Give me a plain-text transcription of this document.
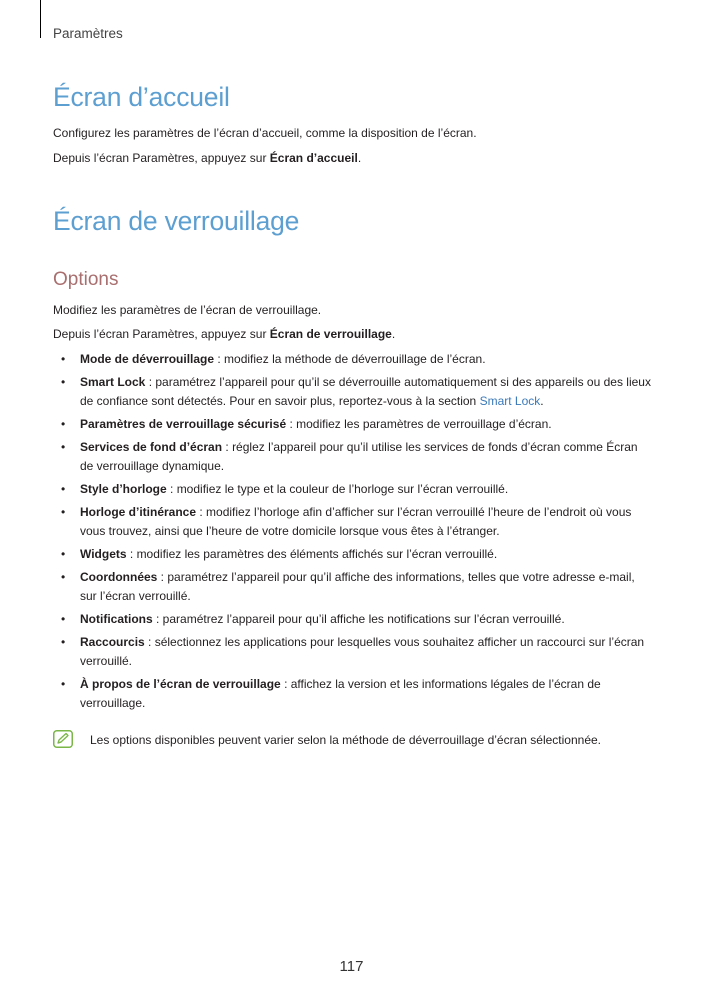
Paramètres
Écran d’accueil

Configurez les paramètres de l’écran d’accueil, comme la disposition de l’écran.

Depuis l’écran Paramètres, appuyez sur Écran d’accueil.

Écran de verrouillage
Options

Modifiez les paramètres de l’écran de verrouillage.

Depuis l’écran Paramètres, appuyez sur Écran de verrouillage.

• Mode de déverrouillage : modifiez la méthode de déverrouillage de l’écran.
• Smart Lock : paramétrez l’appareil pour qu’il se déverrouille automatiquement si des appareils ou des lieux de confiance sont détectés. Pour en savoir plus, reportez-vous à la section Smart Lock.
• Paramètres de verrouillage sécurisé : modifiez les paramètres de verrouillage d’écran.
• Services de fond d’écran : réglez l’appareil pour qu’il utilise les services de fonds d’écran comme Écran de verrouillage dynamique.
• Style d’horloge : modifiez le type et la couleur de l’horloge sur l’écran verrouillé.
• Horloge d’itinérance : modifiez l’horloge afin d’afficher sur l’écran verrouillé l’heure de l’endroit où vous vous trouvez, ainsi que l’heure de votre domicile lorsque vous êtes à l’étranger.
• Widgets : modifiez les paramètres des éléments affichés sur l’écran verrouillé.
• Coordonnées : paramétrez l’appareil pour qu’il affiche des informations, telles que votre adresse e-mail, sur l’écran verrouillé.
• Notifications : paramétrez l’appareil pour qu’il affiche les notifications sur l’écran verrouillé.
• Raccourcis : sélectionnez les applications pour lesquelles vous souhaitez afficher un raccourci sur l’écran verrouillé.
• À propos de l’écran de verrouillage : affichez la version et les informations légales de l’écran de verrouillage.
Les options disponibles peuvent varier selon la méthode de déverrouillage d’écran sélectionnée.
117
